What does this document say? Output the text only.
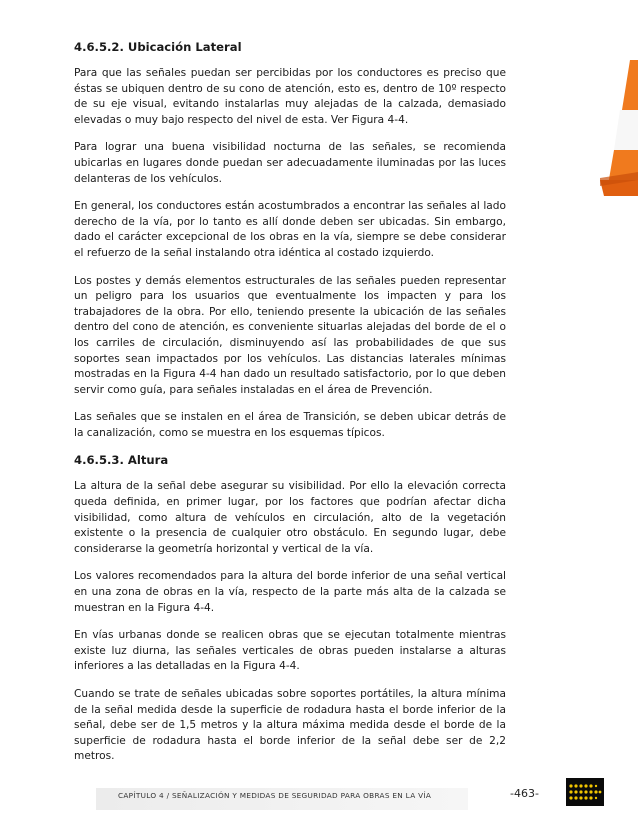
4.6.5.2. Ubicación Lateral

Para que las señales puedan ser percibidas por los conductores es preciso que éstas se ubiquen dentro de su cono de atención, esto es, dentro de 10º respecto de su eje visual, evitando instalarlas muy alejadas de la calzada, demasiado elevadas o muy bajo respecto del nivel de esta. Ver Figura 4-4.

Para lograr una buena visibilidad nocturna de las señales, se recomienda ubicarlas en lugares donde puedan ser adecuadamente iluminadas por las luces delanteras de los vehículos.

En general, los conductores están acostumbrados a encontrar las señales al lado derecho de la vía, por lo tanto es allí donde deben ser ubicadas. Sin embargo, dado el carácter excepcional de los obras en la vía, siempre se debe considerar el refuerzo de la señal instalando otra idéntica al costado izquierdo.

Los postes y demás elementos estructurales de las señales pueden representar un peligro para los usuarios que eventualmente los impacten y para los trabajadores de la obra. Por ello, teniendo presente la ubicación de las señales dentro del cono de atención, es conveniente situarlas alejadas del borde de el o los carriles de circulación, disminuyendo así las probabilidades de que sus soportes sean impactados por los vehículos. Las distancias laterales mínimas mostradas en la Figura 4-4 han dado un resultado satisfactorio, por lo que deben servir como guía, para señales instaladas en el área de Prevención.

Las señales que se instalen en el área de Transición, se deben ubicar detrás de la canalización, como se muestra en los esquemas típicos.

4.6.5.3. Altura

La altura de la señal debe asegurar su visibilidad. Por ello la elevación correcta queda definida, en primer lugar, por los factores que podrían afectar dicha visibilidad, como altura de vehículos en circulación, alto de la vegetación existente o la presencia de cualquier otro obstáculo. En segundo lugar, debe considerarse la geometría horizontal y vertical de la vía.

Los valores recomendados para la altura del borde inferior de una señal vertical en una zona de obras en la vía, respecto de la parte más alta de la calzada se muestran en la Figura 4-4.

En vías urbanas donde se realicen obras que se ejecutan totalmente mientras existe luz diurna, las señales verticales de obras pueden instalarse a alturas inferiores a las detalladas en la Figura 4-4.

Cuando se trate de señales ubicadas sobre soportes portátiles, la altura mínima de la señal medida desde la superficie de rodadura hasta el borde inferior de la señal, debe ser de 1,5 metros y la altura máxima medida desde el borde de la superficie de rodadura hasta el borde inferior de la señal debe ser de 2,2 metros.

CAPÍTULO 4 / SEÑALIZACIÓN Y MEDIDAS DE SEGURIDAD PARA OBRAS EN LA VÍA	-463-
